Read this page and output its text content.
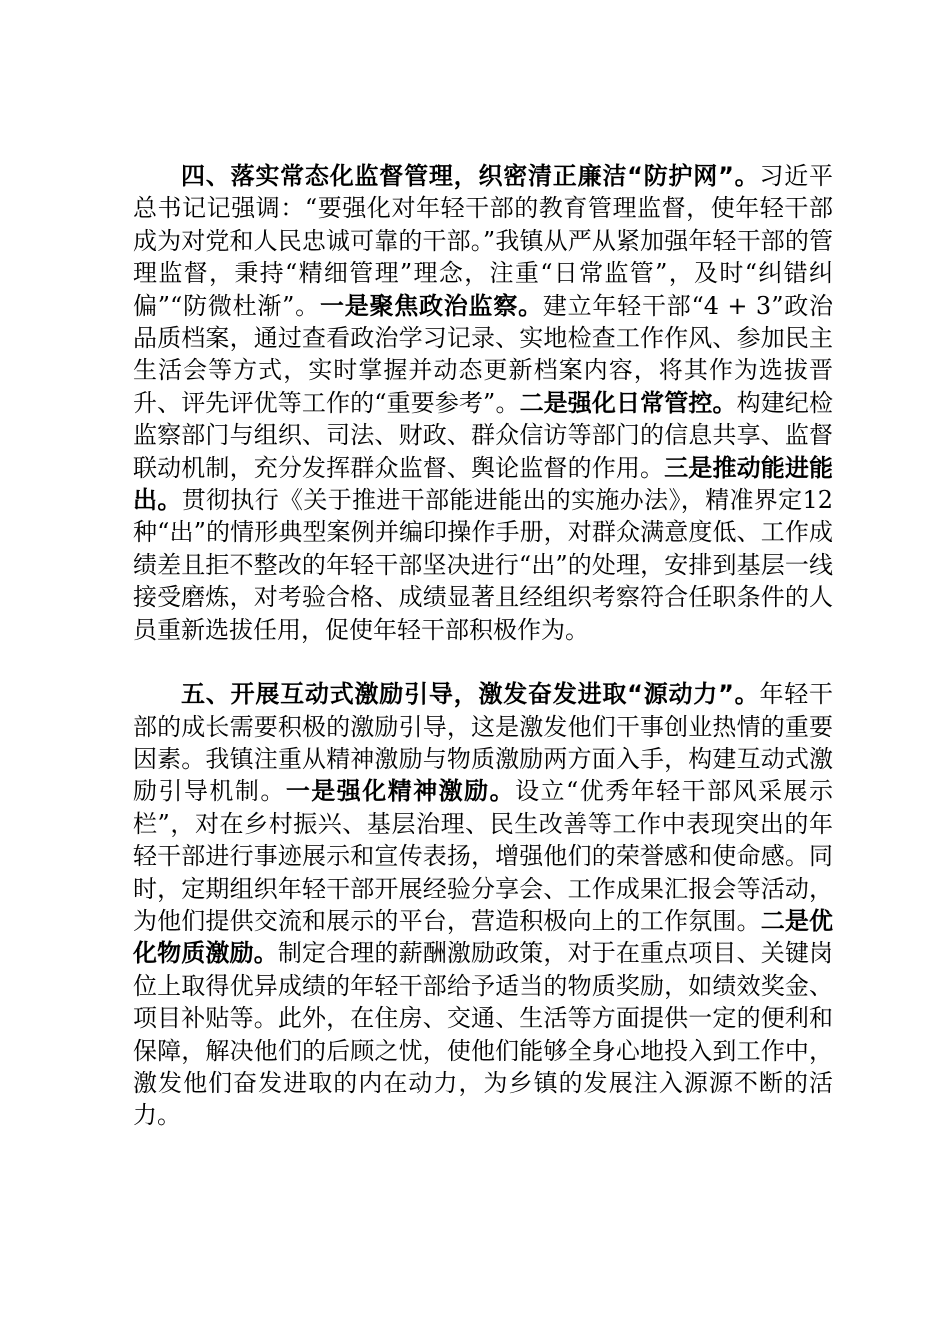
四、落实常态化监督管理，织密清正廉洁“防护网”。习近平总书记记强调：“要强化对年轻干部的教育管理监督，使年轻干部成为对党和人民忠诚可靠的干部。”我镇从严从紧加强年轻干部的管理监督，秉持“精细管理”理念，注重“日常监管”，及时“纠错纠偏”“防微杜渐”。一是聚焦政治监察。建立年轻干部“4 + 3”政治品质档案，通过查看政治学习记录、实地检查工作作风、参加民主生活会等方式，实时掌握并动态更新档案内容，将其作为选拔晋升、评先评优等工作的“重要参考”。二是强化日常管控。构建纪检监察部门与组织、司法、财政、群众信访等部门的信息共享、监督联动机制，充分发挥群众监督、舆论监督的作用。三是推动能进能出。贯彻执行《关于推进干部能进能出的实施办法》，精准界定12种“出”的情形典型案例并编印操作手册，对群众满意度低、工作成绩差且拒不整改的年轻干部坚决进行“出”的处理，安排到基层一线接受磨炼，对考验合格、成绩显著且经组织考察符合任职条件的人员重新选拔任用，促使年轻干部积极作为。

五、开展互动式激励引导，激发奋发进取“源动力”。年轻干部的成长需要积极的激励引导，这是激发他们干事创业热情的重要因素。我镇注重从精神激励与物质激励两方面入手，构建互动式激励引导机制。一是强化精神激励。设立“优秀年轻干部风采展示栏”，对在乡村振兴、基层治理、民生改善等工作中表现突出的年轻干部进行事迹展示和宣传表扬，增强他们的荣誉感和使命感。同时，定期组织年轻干部开展经验分享会、工作成果汇报会等活动，为他们提供交流和展示的平台，营造积极向上的工作氛围。二是优化物质激励。制定合理的薪酬激励政策，对于在重点项目、关键岗位上取得优异成绩的年轻干部给予适当的物质奖励，如绩效奖金、项目补贴等。此外，在住房、交通、生活等方面提供一定的便利和保障，解决他们的后顾之忧，使他们能够全身心地投入到工作中，激发他们奋发进取的内在动力，为乡镇的发展注入源源不断的活力。
